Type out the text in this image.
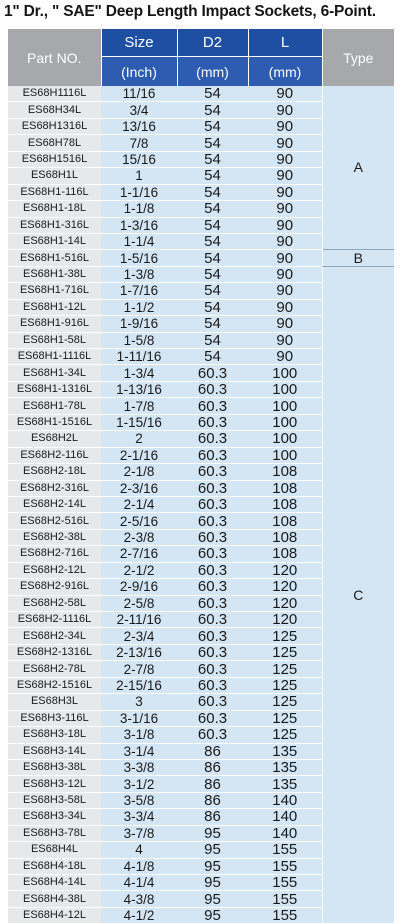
1" Dr., " SAE" Deep Length Impact Sockets, 6-Point.
Part NO.	Size	D2	L	Type
	(Inch)	(mm)	(mm)	
ES68H1116L	11/16	54	90	A
ES68H34L	3/4	54	90	
ES68H1316L	13/16	54	90	
ES68H78L	7/8	54	90	
ES68H1516L	15/16	54	90	
ES68H1L	1	54	90	
ES68H1-116L	1-1/16	54	90	
ES68H1-18L	1-1/8	54	90	
ES68H1-316L	1-3/16	54	90	
ES68H1-14L	1-1/4	54	90	
ES68H1-516L	1-5/16	54	90	B
ES68H1-38L	1-3/8	54	90	C
ES68H1-716L	1-7/16	54	90	
ES68H1-12L	1-1/2	54	90	
ES68H1-916L	1-9/16	54	90	
ES68H1-58L	1-5/8	54	90	
ES68H1-1116L	1-11/16	54	90	
ES68H1-34L	1-3/4	60.3	100	
ES68H1-1316L	1-13/16	60.3	100	
ES68H1-78L	1-7/8	60.3	100	
ES68H1-1516L	1-15/16	60.3	100	
ES68H2L	2	60.3	100	
ES68H2-116L	2-1/16	60.3	100	
ES68H2-18L	2-1/8	60.3	108	
ES68H2-316L	2-3/16	60.3	108	
ES68H2-14L	2-1/4	60.3	108	
ES68H2-516L	2-5/16	60.3	108	
ES68H2-38L	2-3/8	60.3	108	
ES68H2-716L	2-7/16	60.3	108	
ES68H2-12L	2-1/2	60.3	120	
ES68H2-916L	2-9/16	60.3	120	
ES68H2-58L	2-5/8	60.3	120	
ES68H2-1116L	2-11/16	60.3	120	
ES68H2-34L	2-3/4	60.3	125	
ES68H2-1316L	2-13/16	60.3	125	
ES68H2-78L	2-7/8	60.3	125	
ES68H2-1516L	2-15/16	60.3	125	
ES68H3L	3	60.3	125	
ES68H3-116L	3-1/16	60.3	125	
ES68H3-18L	3-1/8	60.3	125	
ES68H3-14L	3-1/4	86	135	
ES68H3-38L	3-3/8	86	135	
ES68H3-12L	3-1/2	86	135	
ES68H3-58L	3-5/8	86	140	
ES68H3-34L	3-3/4	86	140	
ES68H3-78L	3-7/8	95	140	
ES68H4L	4	95	155	
ES68H4-18L	4-1/8	95	155	
ES68H4-14L	4-1/4	95	155	
ES68H4-38L	4-3/8	95	155	
ES68H4-12L	4-1/2	95	155	
